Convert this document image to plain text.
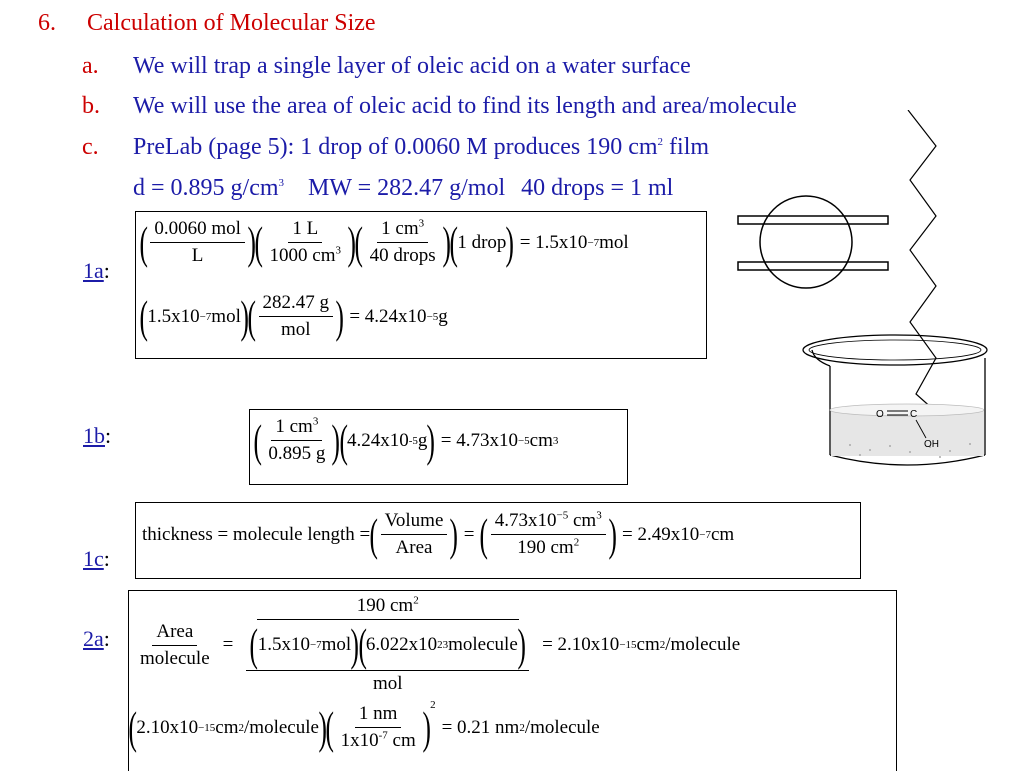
6. Calculation of Molecular Size
a. We will trap a single layer of oleic acid on a water surface
b. We will use the area of oleic acid to find its length and area/molecule
c. PreLab (page 5): 1 drop of 0.0060 M produces 190 $cm^2$ film
d = 0.895 $g/cm^3$ MW = 282.47 g/mol 40 drops = 1 ml
1a:
1b:
1c:
2a:
( $\frac{\text{0.0060 mol}}{L}$ )
( $\frac{1 L}{1000 cm^3}$ )
( $\frac{1 cm^3}{\text{40 drops}}$ )
( 1 drop ) = 1.5x10 −7 mol
( 1.5x10 −7 mol )
( $\frac{282.47 g}{\text{mol}}$ ) = 4.24x10 −5 g
( $\frac{1 cm^3}{0.895 g}$ )
( 4.24x10 -5 g ) = 4.73x10 −5 cm 3
thickness = molecule length = ( $\frac{\text{Volume}}{\text{Area}}$ ) = ( $\frac{4.73x10^{-5} cm^3}{190 cm^2}$ ) = 2.49x10 −7 cm
$\frac{\text{Area}}{\text{molecule}} = 190$ $cm^2$
( 1.5x10 −7 mol )
( 6.022x10 23 molecule )
mol = 2.10x10 −15 cm 2 /molecule
( 2.10x10 −15 cm 2 /molecule )
( $\frac{1 nm}{1x10^{-7} cm}$ ) 2
= 0.21 nm 2 /molecule
O	C
OH
